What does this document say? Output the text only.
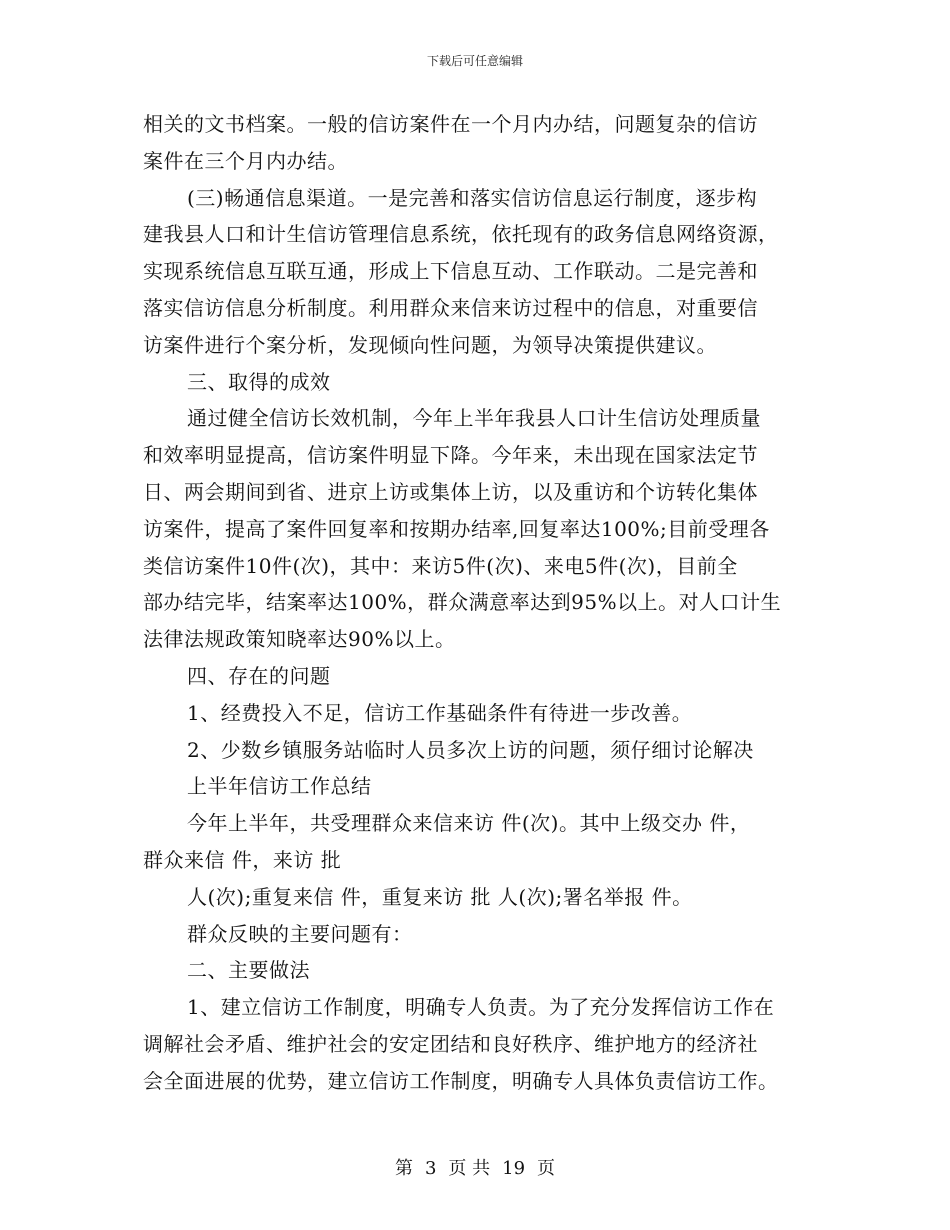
下载后可任意编辑
相关的文书档案。一般的信访案件在一个月内办结，问题复杂的信访
案件在三个月内办结。
(三)畅通信息渠道。一是完善和落实信访信息运行制度，逐步构
建我县人口和计生信访管理信息系统，依托现有的政务信息网络资源，
实现系统信息互联互通，形成上下信息互动、工作联动。二是完善和
落实信访信息分析制度。利用群众来信来访过程中的信息，对重要信
访案件进行个案分析，发现倾向性问题，为领导决策提供建议。
三、取得的成效
通过健全信访长效机制，今年上半年我县人口计生信访处理质量
和效率明显提高，信访案件明显下降。今年来，未出现在国家法定节
日、两会期间到省、进京上访或集体上访，以及重访和个访转化集体
访案件，提高了案件回复率和按期办结率,回复率达100%;目前受理各
类信访案件10件(次)，其中：来访5件(次)、来电5件(次)，目前全
部办结完毕，结案率达100%，群众满意率达到95%以上。对人口计生
法律法规政策知晓率达90%以上。
四、存在的问题
1、经费投入不足，信访工作基础条件有待进一步改善。
2、少数乡镇服务站临时人员多次上访的问题，须仔细讨论解决
上半年信访工作总结
今年上半年，共受理群众来信来访 件(次)。其中上级交办 件，
群众来信 件，来访 批
人(次);重复来信 件，重复来访 批 人(次);署名举报 件。
群众反映的主要问题有：
二、主要做法
1、建立信访工作制度，明确专人负责。为了充分发挥信访工作在
调解社会矛盾、维护社会的安定团结和良好秩序、维护地方的经济社
会全面进展的优势，建立信访工作制度，明确专人具体负责信访工作。
第 3 页 共 19 页
